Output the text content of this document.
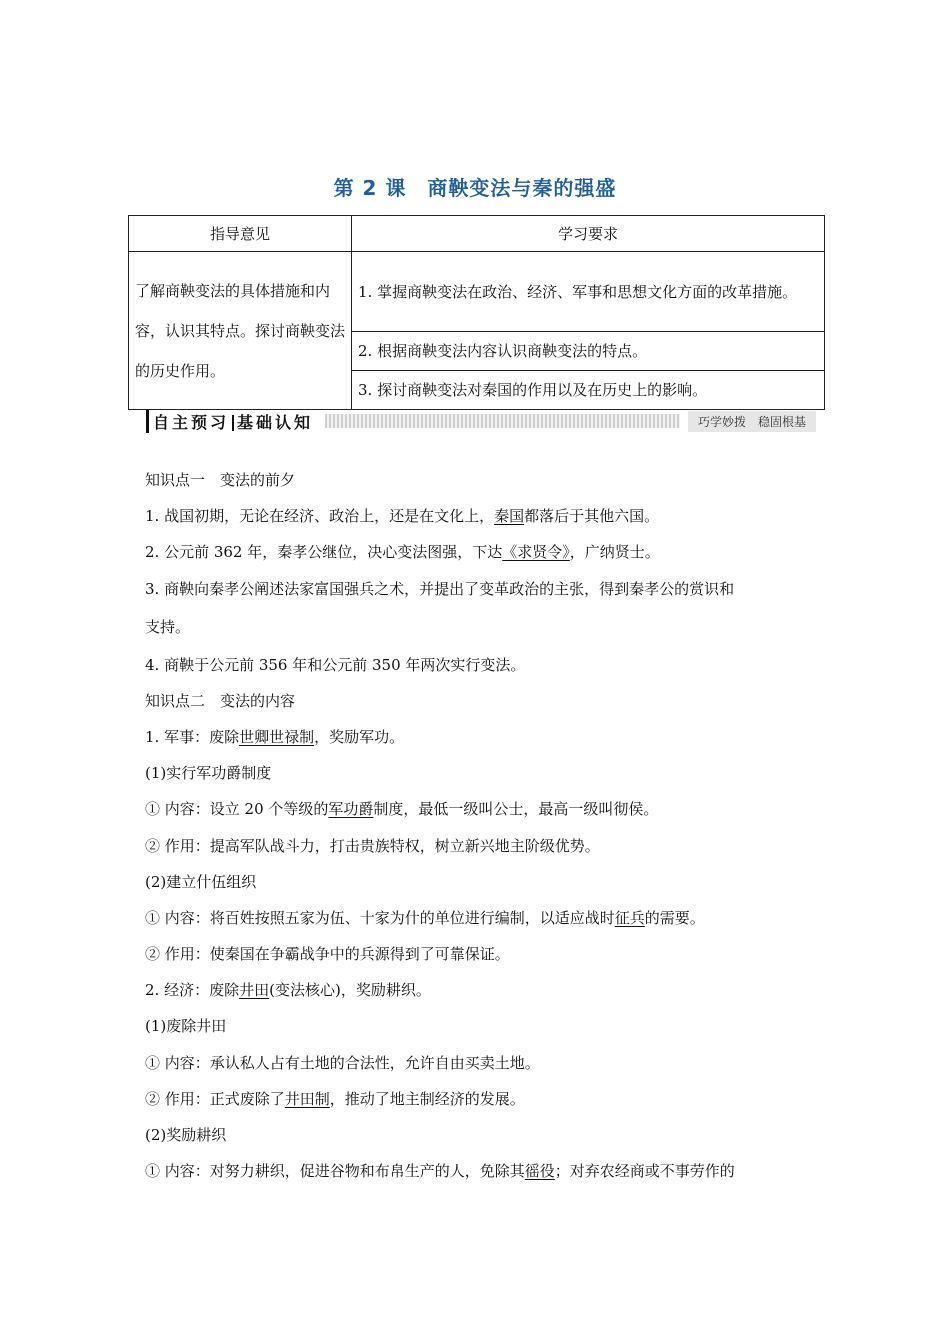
第 2 课　商鞅变法与秦的强盛
指导意见	学习要求
了解商鞅变法的具体措施和内容，认识其特点。探讨商鞅变法的历史作用。	1. 掌握商鞅变法在政治、经济、军事和思想文化方面的改革措施。
	2. 根据商鞅变法内容认识商鞅变法的特点。
	3. 探讨商鞅变法对秦国的作用以及在历史上的影响。
自主预习 基础认知	巧学妙拨　稳固根基
知识点一　变法的前夕
1. 战国初期，无论在经济、政治上，还是在文化上，秦国都落后于其他六国。
2. 公元前 362 年，秦孝公继位，决心变法图强，下达《求贤令》，广纳贤士。
3. 商鞅向秦孝公阐述法家富国强兵之术，并提出了变革政治的主张，得到秦孝公的赏识和
支持。
4. 商鞅于公元前 356 年和公元前 350 年两次实行变法。
知识点二　变法的内容
1. 军事：废除世卿世禄制，奖励军功。
(1)实行军功爵制度
① 内容：设立 20 个等级的军功爵制度，最低一级叫公士，最高一级叫彻侯。
② 作用：提高军队战斗力，打击贵族特权，树立新兴地主阶级优势。
(2)建立什伍组织
① 内容：将百姓按照五家为伍、十家为什的单位进行编制，以适应战时征兵的需要。
② 作用：使秦国在争霸战争中的兵源得到了可靠保证。
2. 经济：废除井田(变法核心)，奖励耕织。
(1)废除井田
① 内容：承认私人占有土地的合法性，允许自由买卖土地。
② 作用：正式废除了井田制，推动了地主制经济的发展。
(2)奖励耕织
① 内容：对努力耕织，促进谷物和布帛生产的人，免除其徭役；对弃农经商或不事劳作的
